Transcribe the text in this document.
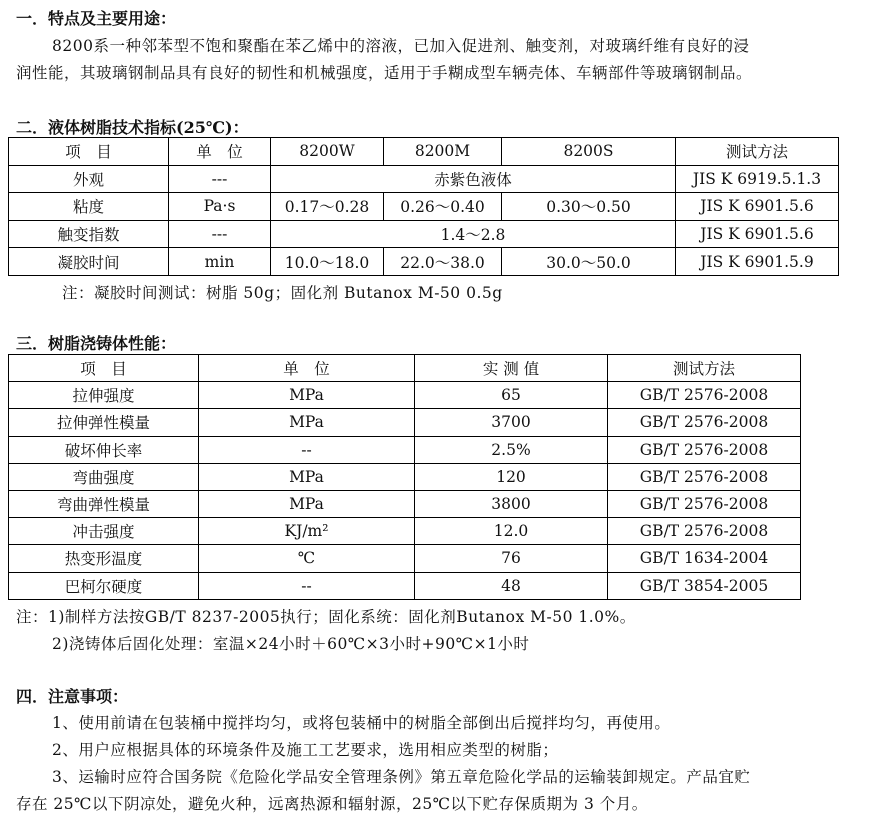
一．特点及主要用途：
8200系一种邻苯型不饱和聚酯在苯乙烯中的溶液，已加入促进剂、触变剂，对玻璃纤维有良好的浸
润性能，其玻璃钢制品具有良好的韧性和机械强度，适用于手糊成型车辆壳体、车辆部件等玻璃钢制品。
二．液体树脂技术指标(25℃)：
项　目	单　位	8200W	8200M	8200S	测试方法
外观	---	赤紫色液体			JIS K 6919.5.1.3
粘度	Pa·s	0.17～0.28	0.26～0.40	0.30～0.50	JIS K 6901.5.6
触变指数	---	1.4～2.8			JIS K 6901.5.6
凝胶时间	min	10.0～18.0	22.0～38.0	30.0～50.0	JIS K 6901.5.9
注：凝胶时间测试：树脂 50g；固化剂 Butanox M-50 0.5g
三．树脂浇铸体性能：
项　目	单　位	实 测 值	测试方法
拉伸强度	MPa	65	GB/T 2576-2008
拉伸弹性模量	MPa	3700	GB/T 2576-2008
破坏伸长率	--	2.5%	GB/T 2576-2008
弯曲强度	MPa	120	GB/T 2576-2008
弯曲弹性模量	MPa	3800	GB/T 2576-2008
冲击强度	KJ/m²	12.0	GB/T 2576-2008
热变形温度	℃	76	GB/T 1634-2004
巴柯尔硬度	--	48	GB/T 3854-2005
注：1)制样方法按GB/T 8237-2005执行；固化系统：固化剂Butanox M-50 1.0%。
2)浇铸体后固化处理：室温×24小时＋60℃×3小时+90℃×1小时
四．注意事项：
1、使用前请在包装桶中搅拌均匀，或将包装桶中的树脂全部倒出后搅拌均匀，再使用。
2、用户应根据具体的环境条件及施工工艺要求，选用相应类型的树脂；
3、运输时应符合国务院《危险化学品安全管理条例》第五章危险化学品的运输装卸规定。产品宜贮
存在 25℃以下阴凉处，避免火种，远离热源和辐射源，25℃以下贮存保质期为 3 个月。
